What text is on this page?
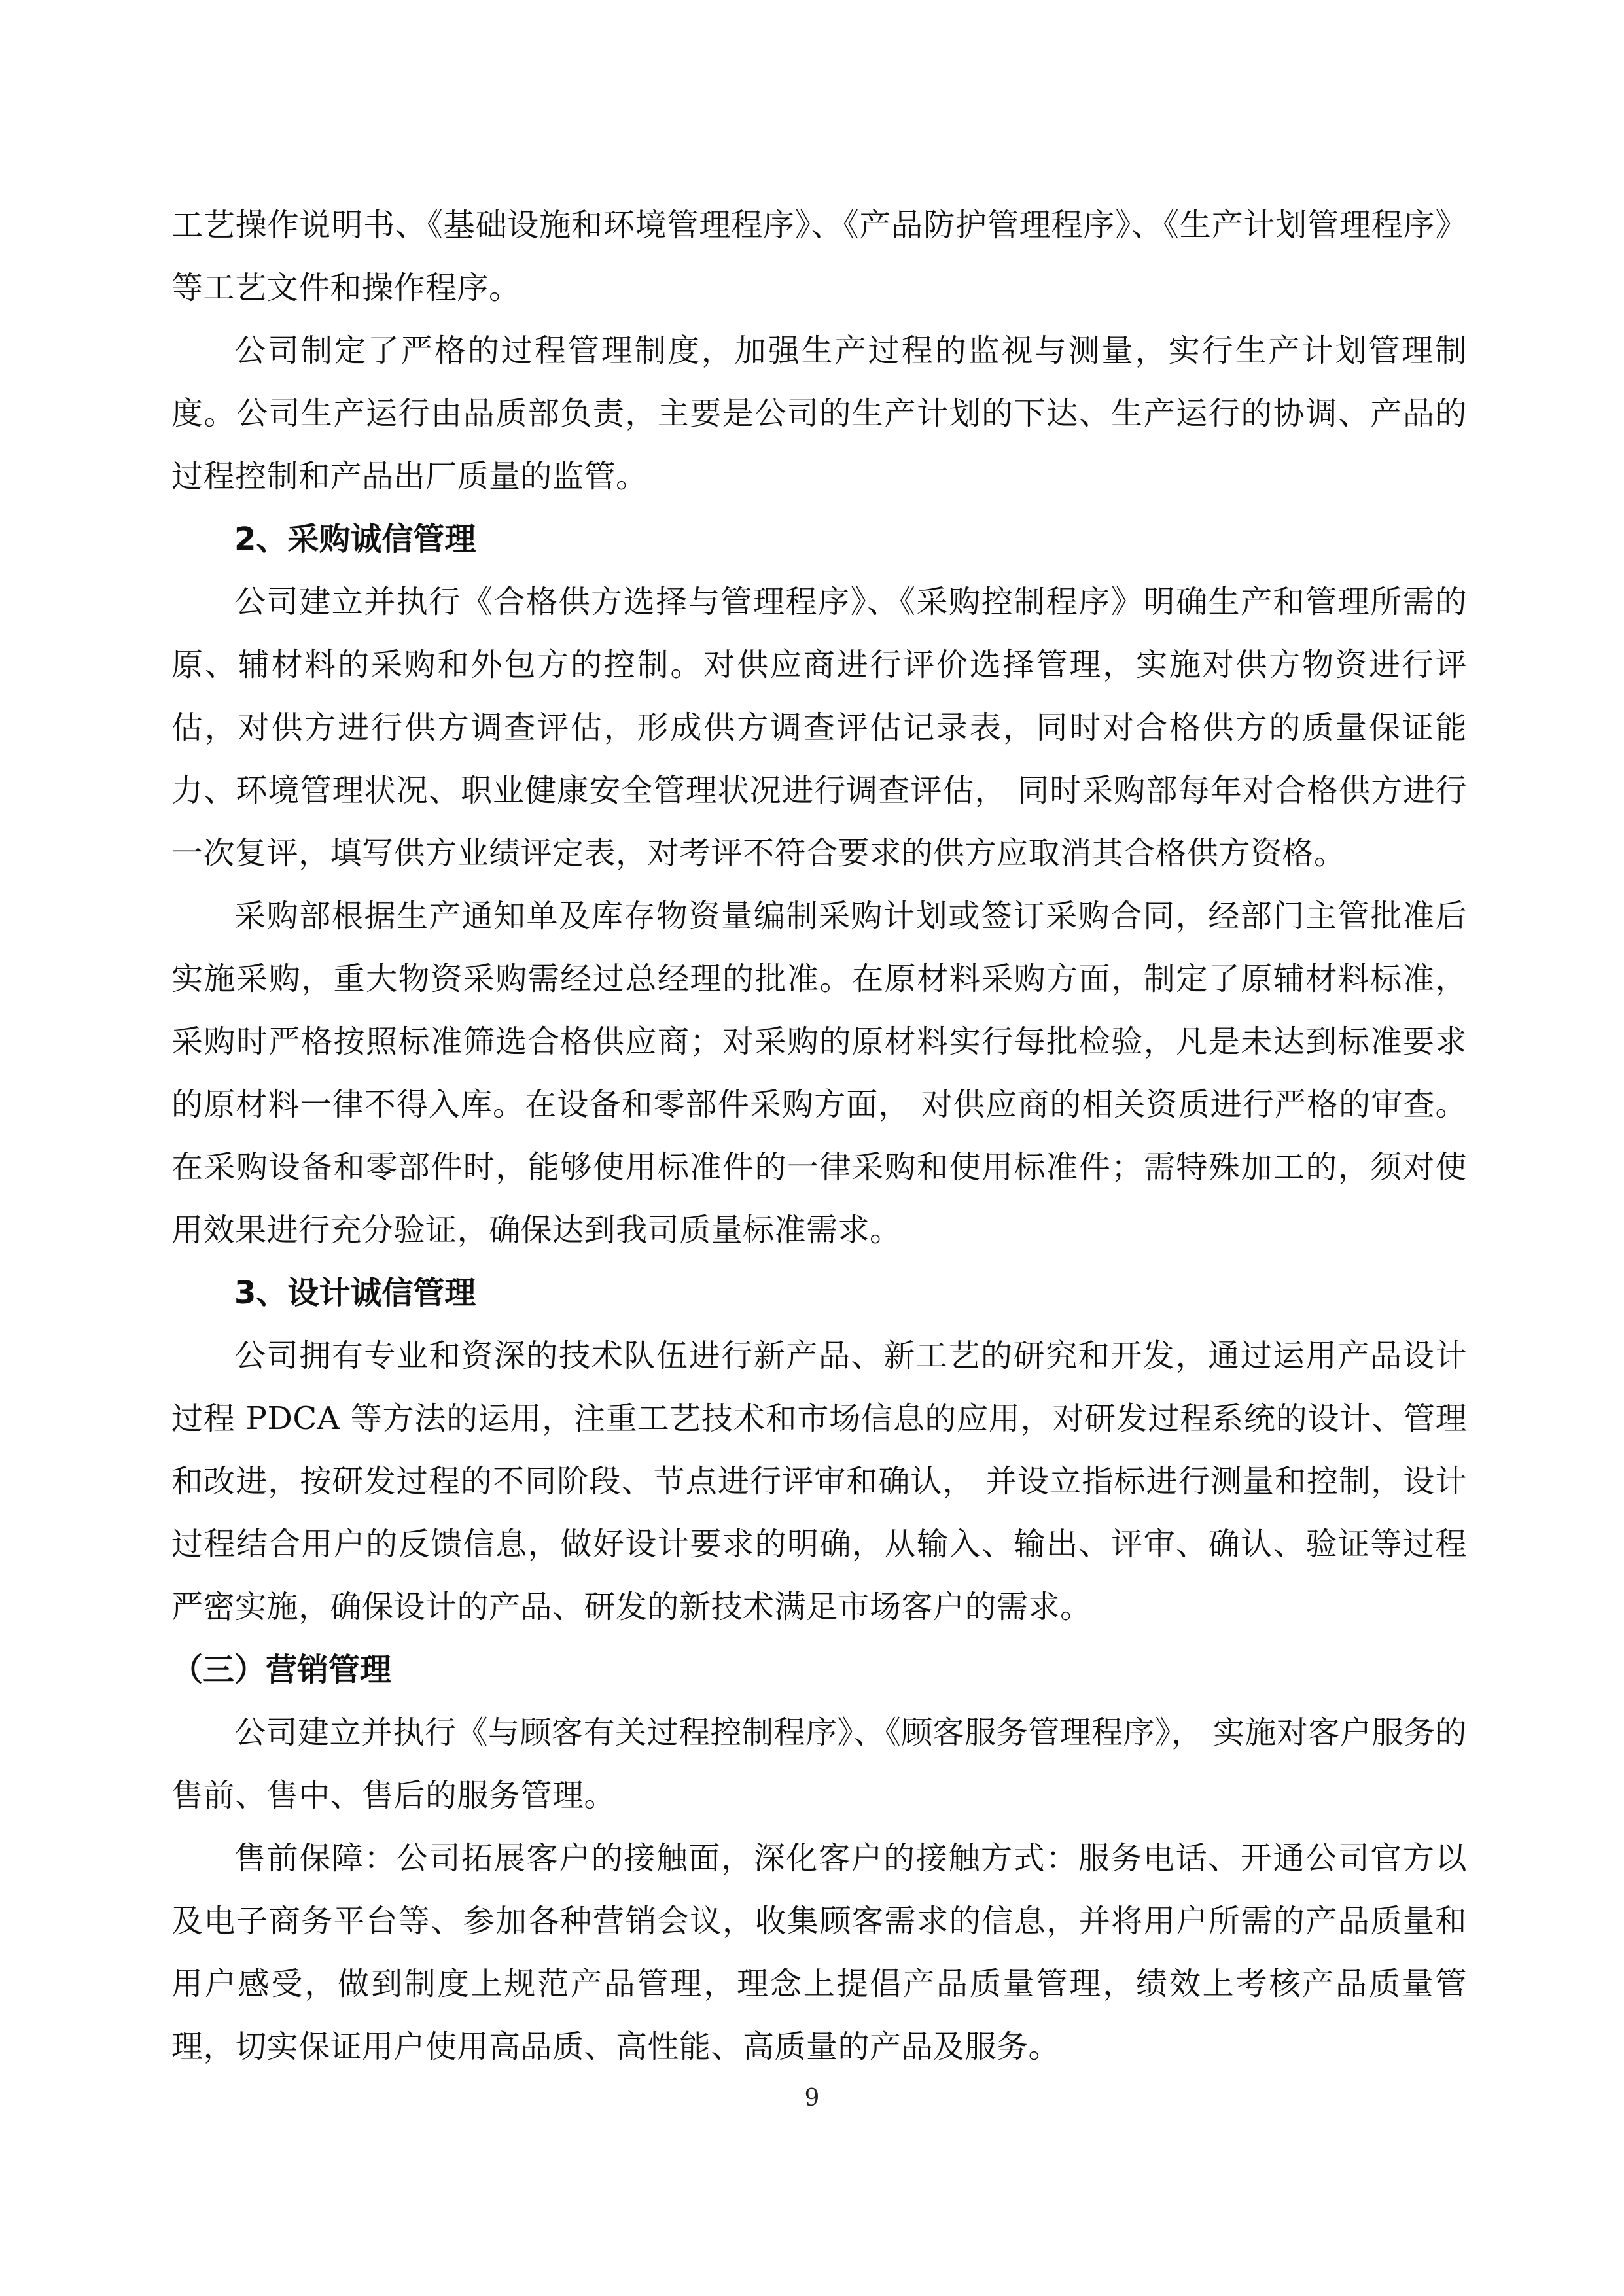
工艺操作说明书、《基础设施和环境管理程序》、《产品防护管理程序》、《生产计划管理程序》等工艺文件和操作程序。

公司制定了严格的过程管理制度，加强生产过程的监视与测量，实行生产计划管理制度。公司生产运行由品质部负责，主要是公司的生产计划的下达、生产运行的协调、产品的过程控制和产品出厂质量的监管。

2、采购诚信管理

公司建立并执行《合格供方选择与管理程序》、《采购控制程序》明确生产和管理所需的原、辅材料的采购和外包方的控制。对供应商进行评价选择管理，实施对供方物资进行评估，对供方进行供方调查评估，形成供方调查评估记录表，同时对合格供方的质量保证能力、环境管理状况、职业健康安全管理状况进行调查评估， 同时采购部每年对合格供方进行一次复评，填写供方业绩评定表，对考评不符合要求的供方应取消其合格供方资格。

采购部根据生产通知单及库存物资量编制采购计划或签订采购合同，经部门主管批准后实施采购，重大物资采购需经过总经理的批准。在原材料采购方面，制定了原辅材料标准，采购时严格按照标准筛选合格供应商；对采购的原材料实行每批检验，凡是未达到标准要求的原材料一律不得入库。在设备和零部件采购方面， 对供应商的相关资质进行严格的审查。在采购设备和零部件时，能够使用标准件的一律采购和使用标准件；需特殊加工的，须对使用效果进行充分验证，确保达到我司质量标准需求。

3、设计诚信管理

公司拥有专业和资深的技术队伍进行新产品、新工艺的研究和开发，通过运用产品设计过程 PDCA 等方法的运用，注重工艺技术和市场信息的应用，对研发过程系统的设计、管理和改进，按研发过程的不同阶段、节点进行评审和确认， 并设立指标进行测量和控制，设计过程结合用户的反馈信息，做好设计要求的明确，从输入、输出、评审、确认、验证等过程严密实施，确保设计的产品、研发的新技术满足市场客户的需求。

（三）营销管理

公司建立并执行《与顾客有关过程控制程序》、《顾客服务管理程序》， 实施对客户服务的售前、售中、售后的服务管理。

售前保障：公司拓展客户的接触面，深化客户的接触方式：服务电话、开通公司官方以及电子商务平台等、参加各种营销会议，收集顾客需求的信息，并将用户所需的产品质量和用户感受，做到制度上规范产品管理，理念上提倡产品质量管理，绩效上考核产品质量管理，切实保证用户使用高品质、高性能、高质量的产品及服务。

9
